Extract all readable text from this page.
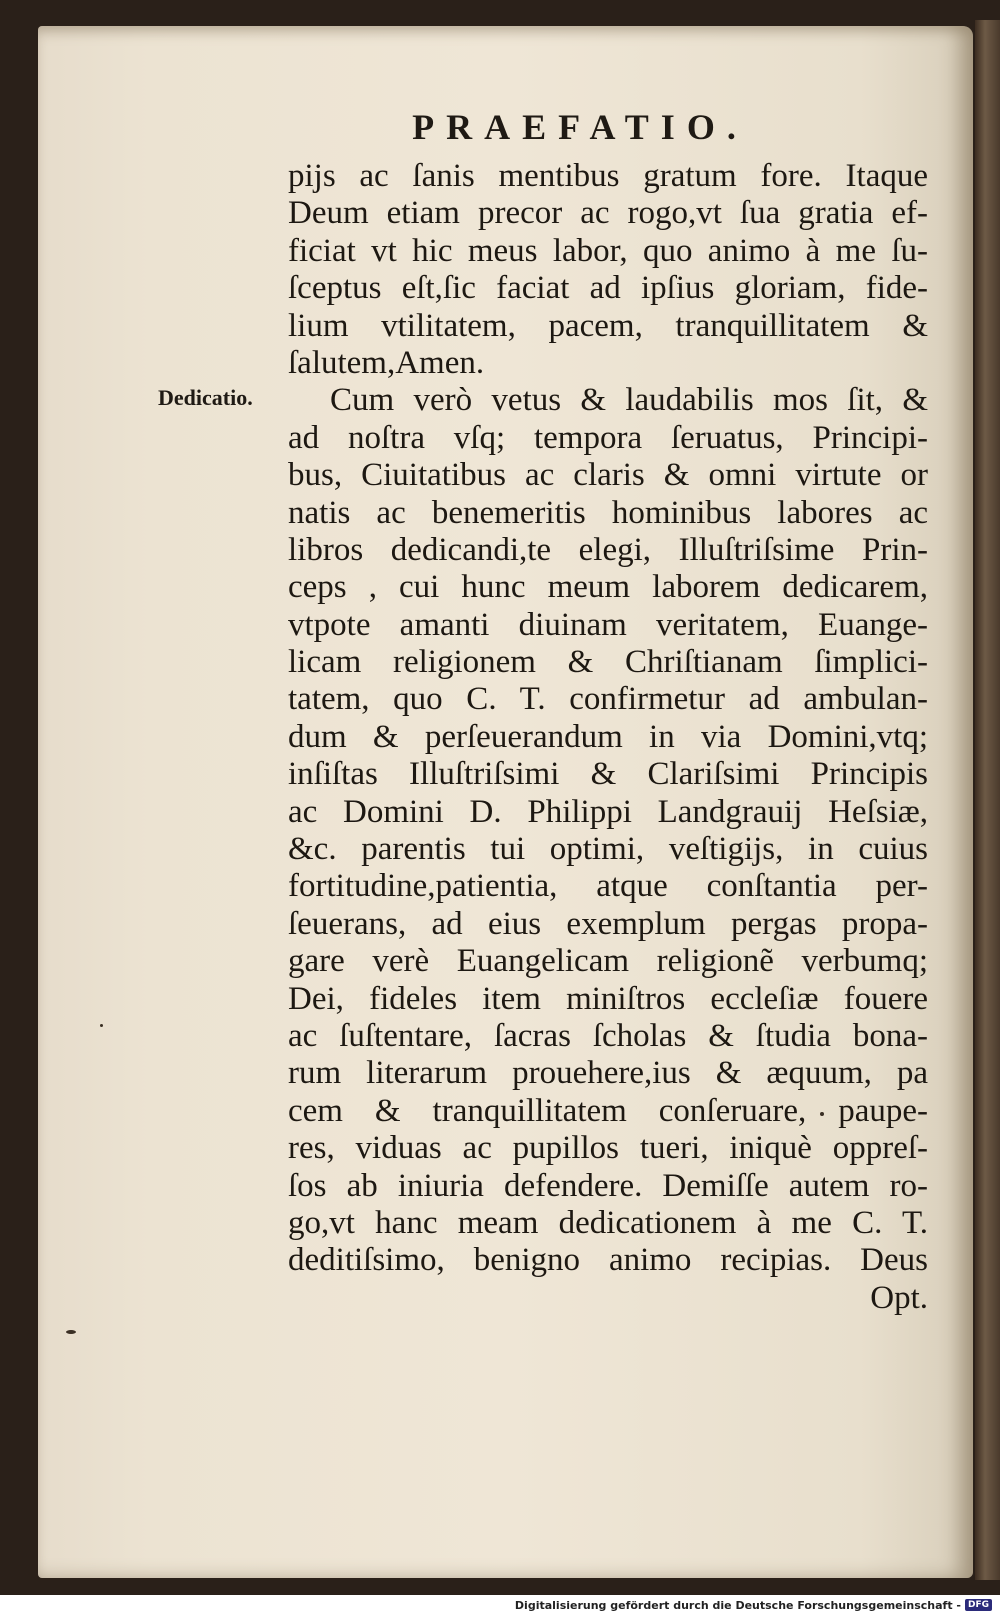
PRAEFATIO.
Dedicatio.
pijs ac ſanis mentibus gratum fore. Itaque
Deum etiam precor ac rogo,vt ſua gratia ef-
ficiat vt hic meus labor, quo animo à me ſu-
ſceptus eſt,ſic faciat ad ipſius gloriam, fide-
lium vtilitatem, pacem, tranquillitatem &
ſalutem,Amen.
Cum verò vetus & laudabilis mos ſit, &
ad noſtra vſq; tempora ſeruatus, Principi-
bus, Ciuitatibus ac claris & omni virtute or
natis ac benemeritis hominibus labores ac
libros dedicandi,te elegi, Illuſtriſsime Prin-
ceps , cui hunc meum laborem dedicarem,
vtpote amanti diuinam veritatem, Euange-
licam religionem & Chriſtianam ſimplici-
tatem, quo C. T. confirmetur ad ambulan-
dum & perſeuerandum in via Domini,vtq;
inſiſtas Illuſtriſsimi & Clariſsimi Principis
ac Domini D. Philippi Landgrauij Heſsiæ,
&c. parentis tui optimi, veſtigijs, in cuius
fortitudine,patientia, atque conſtantia per-
ſeuerans, ad eius exemplum pergas propa-
gare verè Euangelicam religionẽ verbumq;
Dei, fideles item miniſtros eccleſiæ fouere
ac ſuſtentare, ſacras ſcholas & ſtudia bona-
rum literarum prouehere,ius & æquum, pa
cem & tranquillitatem conſeruare, paupe-
res, viduas ac pupillos tueri, iniquè oppreſ-
ſos ab iniuria defendere. Demiſſe autem ro-
go,vt hanc meam dedicationem à me C. T.
deditiſsimo, benigno animo recipias. Deus
Opt.
Digitalisierung gefördert durch die Deutsche Forschungsgemeinschaft - DFG
